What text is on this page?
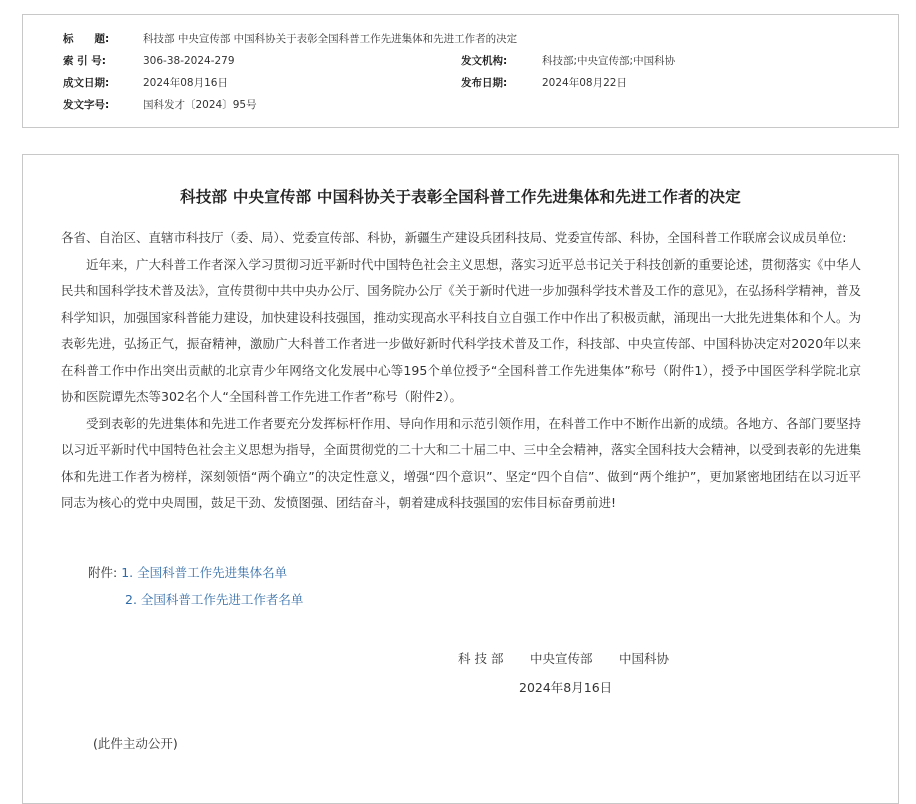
标　　题:	科技部 中央宣传部 中国科协关于表彰全国科普工作先进集体和先进工作者的决定
索 引 号:	306-38-2024-279	发文机构:	科技部;中央宣传部;中国科协
成文日期:	2024年08月16日	发布日期:	2024年08月22日
发文字号:	国科发才〔2024〕95号
科技部 中央宣传部 中国科协关于表彰全国科普工作先进集体和先进工作者的决定

各省、自治区、直辖市科技厅（委、局）、党委宣传部、科协，新疆生产建设兵团科技局、党委宣传部、科协，全国科普工作联席会议成员单位:

近年来，广大科普工作者深入学习贯彻习近平新时代中国特色社会主义思想，落实习近平总书记关于科技创新的重要论述，贯彻落实《中华人民共和国科学技术普及法》，宣传贯彻中共中央办公厅、国务院办公厅《关于新时代进一步加强科学技术普及工作的意见》，在弘扬科学精神，普及科学知识，加强国家科普能力建设，加快建设科技强国，推动实现高水平科技自立自强工作中作出了积极贡献，涌现出一大批先进集体和个人。为表彰先进，弘扬正气，振奋精神，激励广大科普工作者进一步做好新时代科学技术普及工作，科技部、中央宣传部、中国科协决定对2020年以来在科普工作中作出突出贡献的北京青少年网络文化发展中心等195个单位授予“全国科普工作先进集体”称号（附件1），授予中国医学科学院北京协和医院谭先杰等302名个人“全国科普工作先进工作者”称号（附件2）。

受到表彰的先进集体和先进工作者要充分发挥标杆作用、导向作用和示范引领作用，在科普工作中不断作出新的成绩。各地方、各部门要坚持以习近平新时代中国特色社会主义思想为指导，全面贯彻党的二十大和二十届二中、三中全会精神，落实全国科技大会精神，以受到表彰的先进集体和先进工作者为榜样，深刻领悟“两个确立”的决定性意义，增强“四个意识”、坚定“四个自信”、做到“两个维护”，更加紧密地团结在以习近平同志为核心的党中央周围，鼓足干劲、发愤图强、团结奋斗，朝着建成科技强国的宏伟目标奋勇前进!

附件: 1. 全国科普工作先进集体名单
2. 全国科普工作先进工作者名单
科 技 部 中央宣传部 中国科协
2024年8月16日
(此件主动公开)
